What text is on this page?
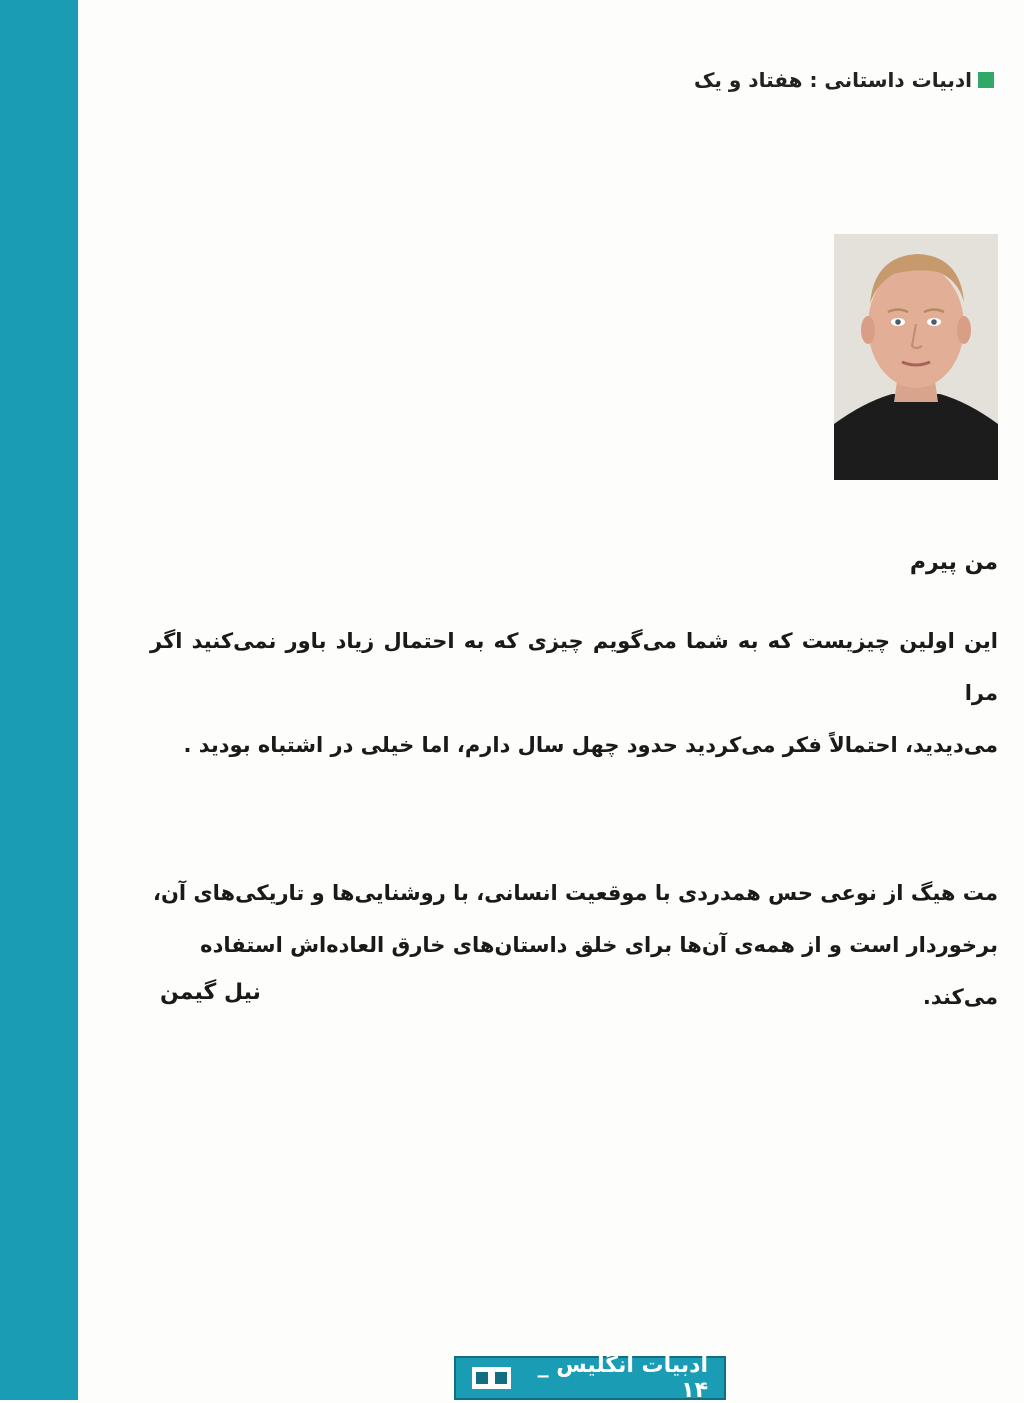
ادبیات داستانی : هفتاد و یک

من پیرم

این اولین چیزیست که به شما می‌گویم چیزی که به احتمال زیاد باور نمی‌کنید اگر مرا

می‌دیدید، احتمالاً فکر می‌کردید حدود چهل سال دارم، اما خیلی در اشتباه بودید .

مت هیگ از نوعی حس همدردی با موقعیت انسانی، با روشنایی‌ها و تاریکی‌های آن،

برخوردار است و از همه‌ی آن‌ها برای خلق داستان‌های خارق العاده‌اش استفاده می‌کند.

نیل گیمن
ادبیات انگلیس _ ۱۴
